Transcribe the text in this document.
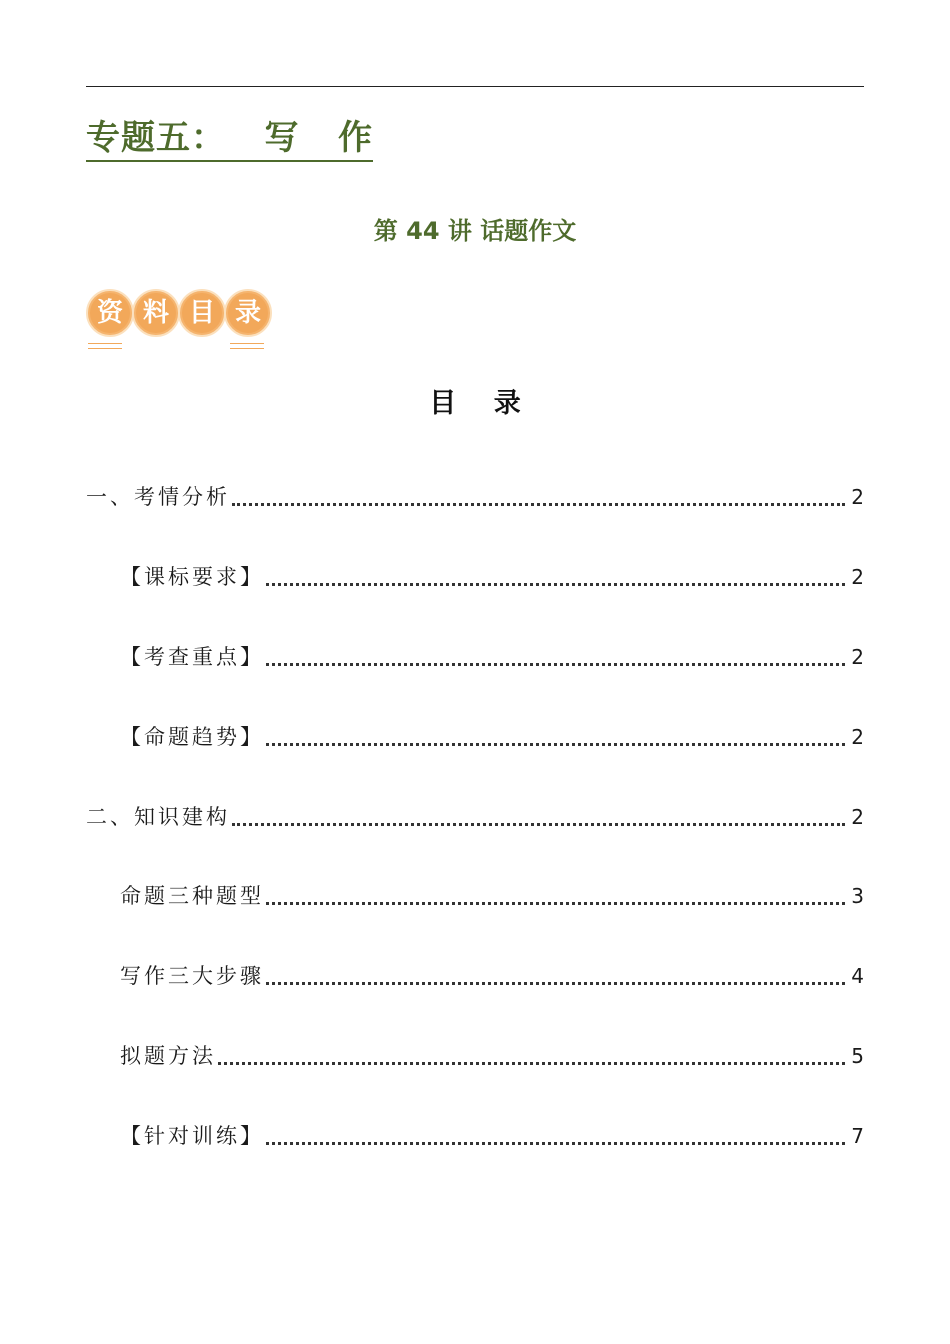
专题五：   写   作
第 44 讲 话题作文
资 料 目 录
目    录
一、考情分析	2
【课标要求】	2
【考查重点】	2
【命题趋势】	2
二、知识建构	2
命题三种题型	3
写作三大步骤	4
拟题方法	5
【针对训练】	7
